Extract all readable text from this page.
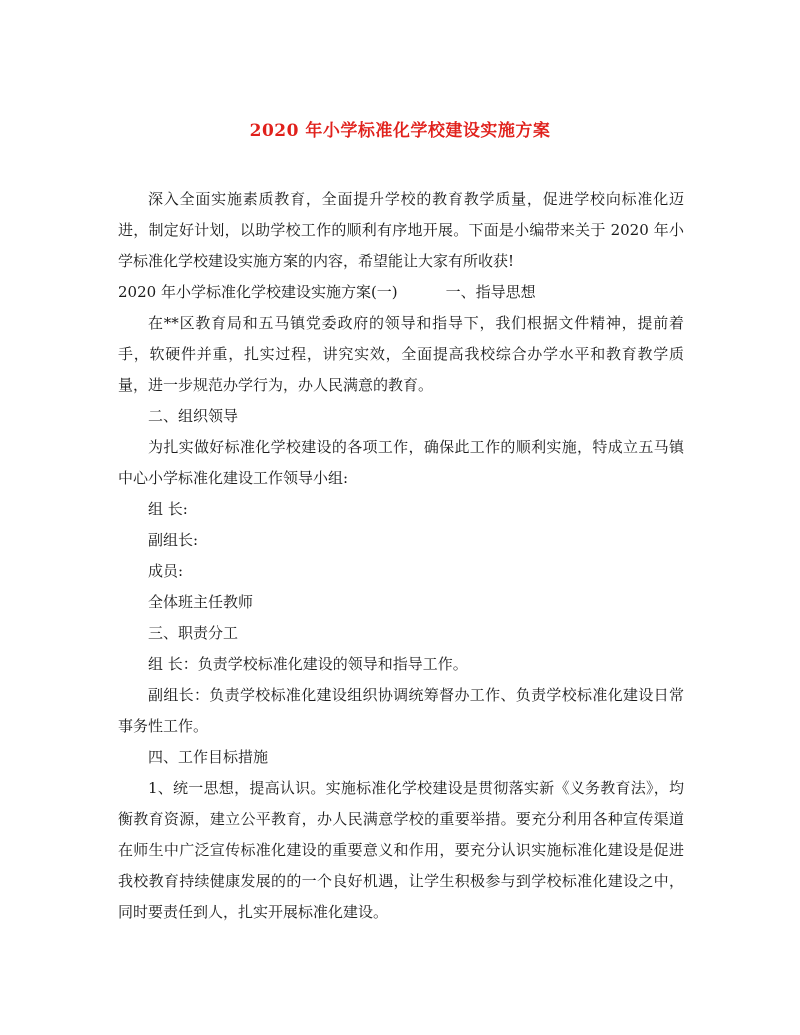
2020 年小学标准化学校建设实施方案

深入全面实施素质教育，全面提升学校的教育教学质量，促进学校向标准化迈进，制定好计划，以助学校工作的顺利有序地开展。下面是小编带来关于 2020 年小学标准化学校建设实施方案的内容，希望能让大家有所收获!

2020 年小学标准化学校建设实施方案(一)	一、指导思想

在**区教育局和五马镇党委政府的领导和指导下，我们根据文件精神，提前着手，软硬件并重，扎实过程，讲究实效，全面提高我校综合办学水平和教育教学质量，进一步规范办学行为，办人民满意的教育。

二、组织领导

为扎实做好标准化学校建设的各项工作，确保此工作的顺利实施，特成立五马镇中心小学标准化建设工作领导小组:

组 长:

副组长:

成员:

全体班主任教师

三、职责分工

组 长：负责学校标准化建设的领导和指导工作。

副组长：负责学校标准化建设组织协调统筹督办工作、负责学校标准化建设日常事务性工作。

四、工作目标措施

1、统一思想，提高认识。实施标准化学校建设是贯彻落实新《义务教育法》，均衡教育资源，建立公平教育，办人民满意学校的重要举措。要充分利用各种宣传渠道在师生中广泛宣传标准化建设的重要意义和作用，要充分认识实施标准化建设是促进我校教育持续健康发展的的一个良好机遇，让学生积极参与到学校标准化建设之中，同时要责任到人，扎实开展标准化建设。
